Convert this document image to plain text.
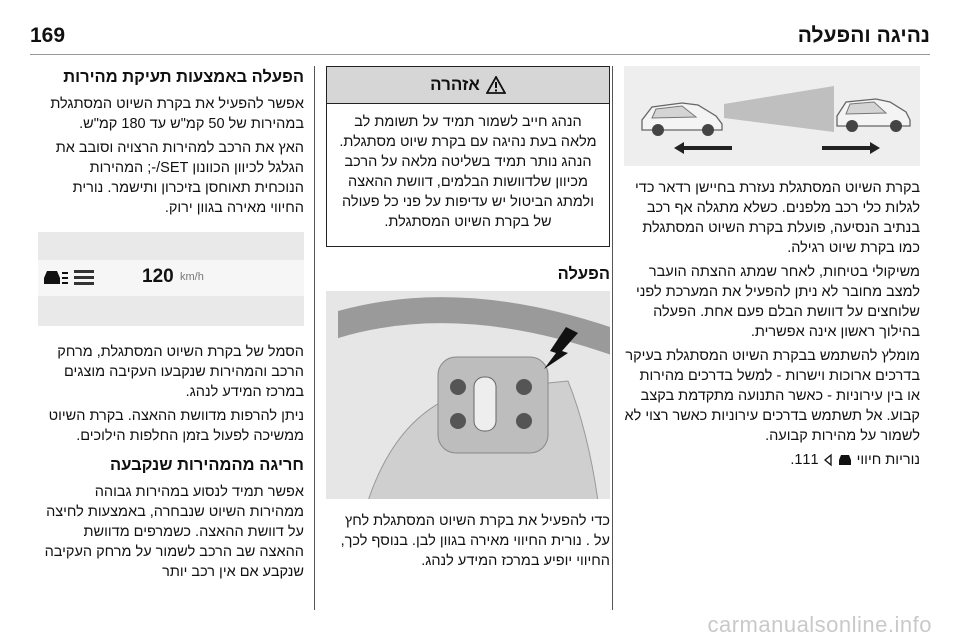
169	נהיגה והפעלה

בקרת השיוט המסתגלת נעזרת בחיישן רדאר כדי לגלות כלי רכב מלפנים. כשלא מתגלה אף רכב בנתיב הנסיעה, פועלת בקרת השיוט המסתגלת כמו בקרת שיוט רגילה.

משיקולי בטיחות, לאחר שמתג ההצתה הועבר למצב מחובר לא ניתן להפעיל את המערכת לפני שלוחצים על דוושת הבלם פעם אחת. הפעלה בהילוך ראשון אינה אפשרית.

מומלץ להשתמש בבקרת השיוט המסתגלת בעיקר בדרכים ארוכות וישרות - למשל בדרכים מהירות או בין עירוניות - כאשר התנועה מתקדמת בקצב קבוע. אל תשתמש בדרכים עירוניות כאשר רצוי לא לשמור על מהירות קבועה.

נוריות חיווי   111.

אזהרה

הנהג חייב לשמור תמיד על תשומת לב מלאה בעת נהיגה עם בקרת שיוט מסתגלת. הנהג נותר תמיד בשליטה מלאה על הרכב מכיוון שלדוושות הבלמים, דוושת ההאצה ולמתג הביטול יש עדיפות על פני כל פעולה של בקרת השיוט המסתגלת.

הפעלה

כדי להפעיל את בקרת השיוט המסתגלת לחץ על . נורית החיווי מאירה בגוון לבן. בנוסף לכך, החיווי יופיע במרכז המידע לנהג.

הפעלה באמצעות תעיקת מהירות

אפשר להפעיל את בקרת השיוט המסתגלת במהירות של 50 קמ"ש עד 180 קמ"ש.

האץ את הרכב למהירות הרצויה וסובב את הגלגל לכיוון הכוונון SET/-; המהירות הנוכחית תאוחסן בזיכרון ותישמר. נורית החיווי מאירה בגוון ירוק.

120 km/h

הסמל של בקרת השיוט המסתגלת, מרחק הרכב והמהירות שנקבעו העקיבה מוצגים במרכז המידע לנהג.

ניתן להרפות מדוושת ההאצה. בקרת השיוט ממשיכה לפעול בזמן החלפות הילוכים.

חריגה מהמהירות שנקבעה

אפשר תמיד לנסוע במהירות גבוהה ממהירות השיוט שנבחרה, באמצעות לחיצה על דוושת ההאצה. כשמרפים מדוושת ההאצה שב הרכב לשמור על מרחק העקיבה שנקבע אם אין רכב יותר

carmanualsonline.info
